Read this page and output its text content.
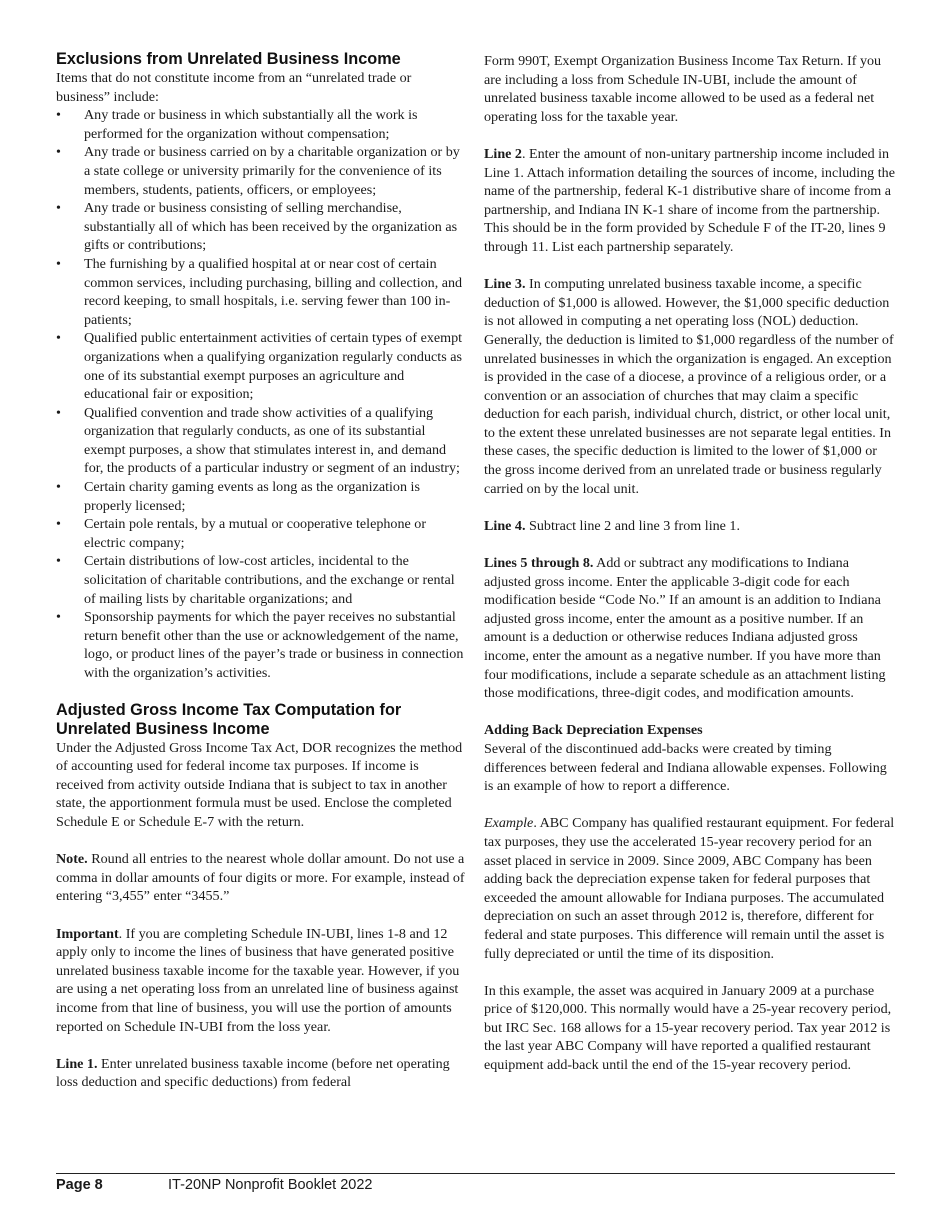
Exclusions from Unrelated Business Income

Items that do not constitute income from an “unrelated trade or business” include:

• Any trade or business in which substantially all the work is performed for the organization without compensation;
• Any trade or business carried on by a charitable organization or by a state college or university primarily for the convenience of its members, students, patients, officers, or employees;
• Any trade or business consisting of selling merchandise, substantially all of which has been received by the organization as gifts or contributions;
• The furnishing by a qualified hospital at or near cost of certain common services, including purchasing, billing and collection, and record keeping, to small hospitals, i.e. serving fewer than 100 in-patients;
• Qualified public entertainment activities of certain types of exempt organizations when a qualifying organization regularly conducts as one of its substantial exempt purposes an agriculture and educational fair or exposition;
• Qualified convention and trade show activities of a qualifying organization that regularly conducts, as one of its substantial exempt purposes, a show that stimulates interest in, and demand for, the products of a particular industry or segment of an industry;
• Certain charity gaming events as long as the organization is properly licensed;
• Certain pole rentals, by a mutual or cooperative telephone or electric company;
• Certain distributions of low-cost articles, incidental to the solicitation of charitable contributions, and the exchange or rental of mailing lists by charitable organizations; and
• Sponsorship payments for which the payer receives no substantial return benefit other than the use or acknowledgement of the name, logo, or product lines of the payer’s trade or business in connection with the organization’s activities.
Adjusted Gross Income Tax Computation for Unrelated Business Income

Under the Adjusted Gross Income Tax Act, DOR recognizes the method of accounting used for federal income tax purposes. If income is received from activity outside Indiana that is subject to tax in another state, the apportionment formula must be used. Enclose the completed Schedule E or Schedule E-7 with the return.

Note. Round all entries to the nearest whole dollar amount. Do not use a comma in dollar amounts of four digits or more. For example, instead of entering “3,455” enter “3455.”

Important. If you are completing Schedule IN-UBI, lines 1-8 and 12 apply only to income the lines of business that have generated positive unrelated business taxable income for the taxable year. However, if you are using a net operating loss from an unrelated line of business against income from that line of business, you will use the portion of amounts reported on Schedule IN-UBI from the loss year.

Line 1. Enter unrelated business taxable income (before net operating loss deduction and specific deductions) from federal

Form 990T, Exempt Organization Business Income Tax Return. If you are including a loss from Schedule IN-UBI, include the amount of unrelated business taxable income allowed to be used as a federal net operating loss for the taxable year.

Line 2. Enter the amount of non-unitary partnership income included in Line 1. Attach information detailing the sources of income, including the name of the partnership, federal K-1 distributive share of income from a partnership, and Indiana IN K-1 share of income from the partnership. This should be in the form provided by Schedule F of the IT-20, lines 9 through 11. List each partnership separately.

Line 3. In computing unrelated business taxable income, a specific deduction of $1,000 is allowed. However, the $1,000 specific deduction is not allowed in computing a net operating loss (NOL) deduction. Generally, the deduction is limited to $1,000 regardless of the number of unrelated businesses in which the organization is engaged. An exception is provided in the case of a diocese, a province of a religious order, or a convention or an association of churches that may claim a specific deduction for each parish, individual church, district, or other local unit, to the extent these unrelated businesses are not separate legal entities. In these cases, the specific deduction is limited to the lower of $1,000 or the gross income derived from an unrelated trade or business regularly carried on by the local unit.

Line 4. Subtract line 2 and line 3 from line 1.

Lines 5 through 8. Add or subtract any modifications to Indiana adjusted gross income. Enter the applicable 3-digit code for each modification beside “Code No.” If an amount is an addition to Indiana adjusted gross income, enter the amount as a positive number. If an amount is a deduction or otherwise reduces Indiana adjusted gross income, enter the amount as a negative number. If you have more than four modifications, include a separate schedule as an attachment listing those modifications, three-digit codes, and modification amounts.

Adding Back Depreciation Expenses

Several of the discontinued add-backs were created by timing differences between federal and Indiana allowable expenses. Following is an example of how to report a difference.

Example. ABC Company has qualified restaurant equipment. For federal tax purposes, they use the accelerated 15-year recovery period for an asset placed in service in 2009. Since 2009, ABC Company has been adding back the depreciation expense taken for federal purposes that exceeded the amount allowable for Indiana purposes. The accumulated depreciation on such an asset through 2012 is, therefore, different for federal and state purposes. This difference will remain until the asset is fully depreciated or until the time of its disposition.

In this example, the asset was acquired in January 2009 at a purchase price of $120,000. This normally would have a 25-year recovery period, but IRC Sec. 168 allows for a 15-year recovery period. Tax year 2012 is the last year ABC Company will have reported a qualified restaurant equipment add-back until the end of the 15-year recovery period.

Page 8	IT-20NP Nonprofit Booklet 2022
